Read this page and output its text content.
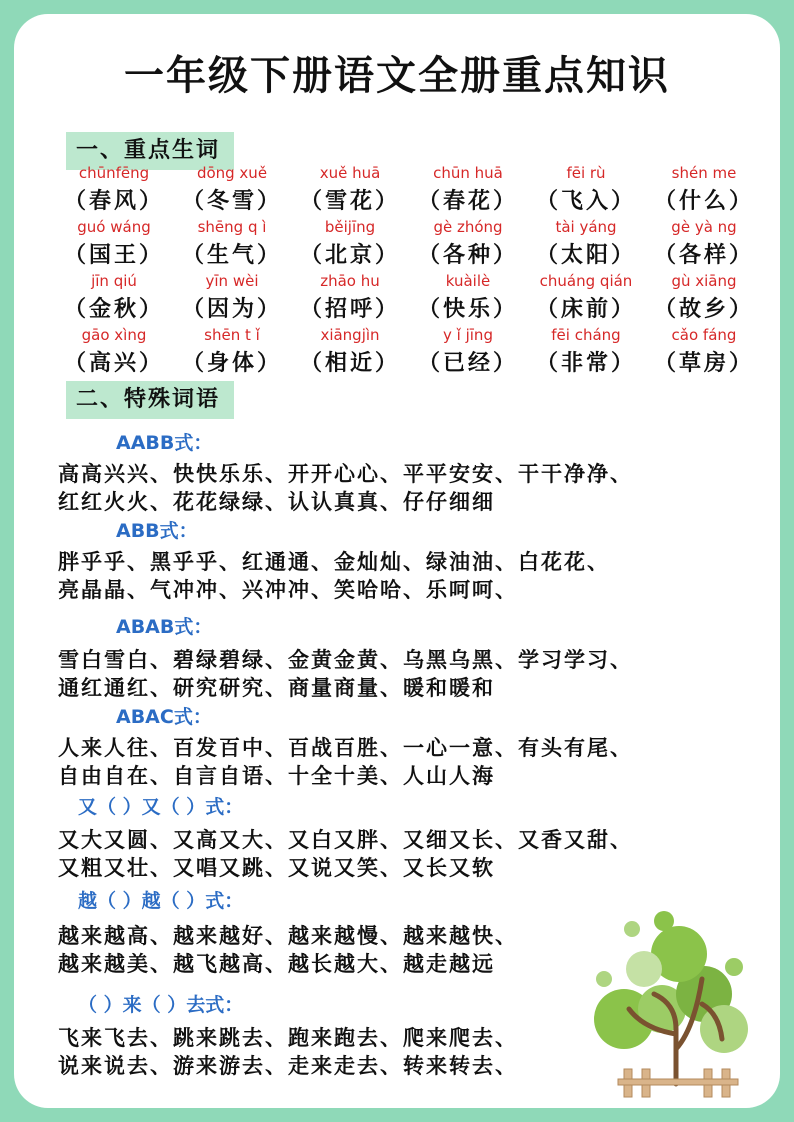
一年级下册语文全册重点知识
一、重点生词
chūnfēng
（春风）
dōng xuě
（冬雪）
xuě huā
（雪花）
chūn huā
（春花）
fēi rù
（飞入）
shén me
（什么）
guó wáng
（国王）
shēng q ì
（生气）
běijīng
（北京）
gè zhóng
（各种）
tài yáng
（太阳）
gè yà ng
（各样）
jīn qiú
（金秋）
yīn wèi
（因为）
zhāo hu
（招呼）
kuàilè
（快乐）
chuáng qián
（床前）
gù xiāng
（故乡）
gāo xìng
（高兴）
shēn t ǐ
（身体）
xiāngjìn
（相近）
y ǐ jīng
（已经）
fēi cháng
（非常）
cǎo fáng
（草房）
二、特殊词语
AABB式：
高高兴兴、快快乐乐、开开心心、平平安安、干干净净、
红红火火、花花绿绿、认认真真、仔仔细细
ABB式：
胖乎乎、黑乎乎、红通通、金灿灿、绿油油、白花花、
亮晶晶、气冲冲、兴冲冲、笑哈哈、乐呵呵、
ABAB式：
雪白雪白、碧绿碧绿、金黄金黄、乌黑乌黑、学习学习、
通红通红、研究研究、商量商量、暖和暖和
ABAC式：
人来人往、百发百中、百战百胜、一心一意、有头有尾、
自由自在、自言自语、十全十美、人山人海
又（ ）又（ ）式：
又大又圆、又高又大、又白又胖、又细又长、又香又甜、
又粗又壮、又唱又跳、又说又笑、又长又软
越（ ）越（ ）式：
越来越高、越来越好、越来越慢、越来越快、
越来越美、越飞越高、越长越大、越走越远
（ ）来（ ）去式：
飞来飞去、跳来跳去、跑来跑去、爬来爬去、
说来说去、游来游去、走来走去、转来转去、
